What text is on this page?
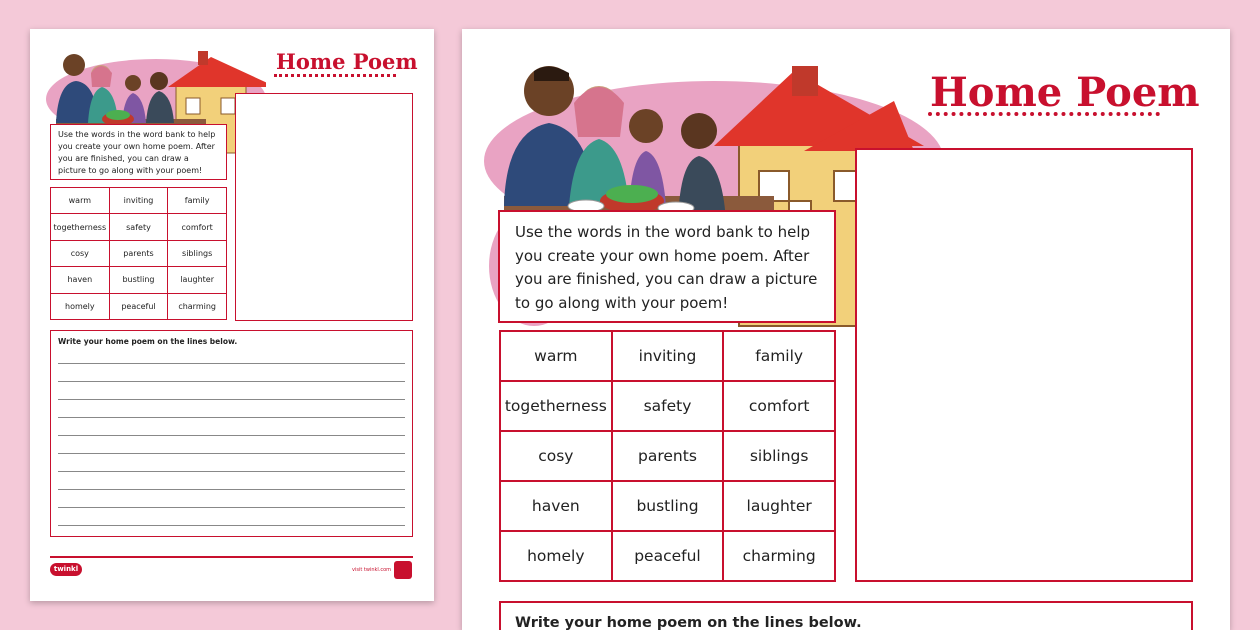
Home Poem
Use the words in the word bank to help you create your own home poem. After you are finished, you can draw a picture to go along with your poem!
warm	inviting	family
togetherness	safety	comfort
cosy	parents	siblings
haven	bustling	laughter
homely	peaceful	charming
Write your home poem on the lines below.
twinkl	visit twinkl.com
Home Poem
Use the words in the word bank to help you create your own home poem. After you are finished, you can draw a picture to go along with your poem!
warm	inviting	family
togetherness	safety	comfort
cosy	parents	siblings
haven	bustling	laughter
homely	peaceful	charming
Write your home poem on the lines below.
